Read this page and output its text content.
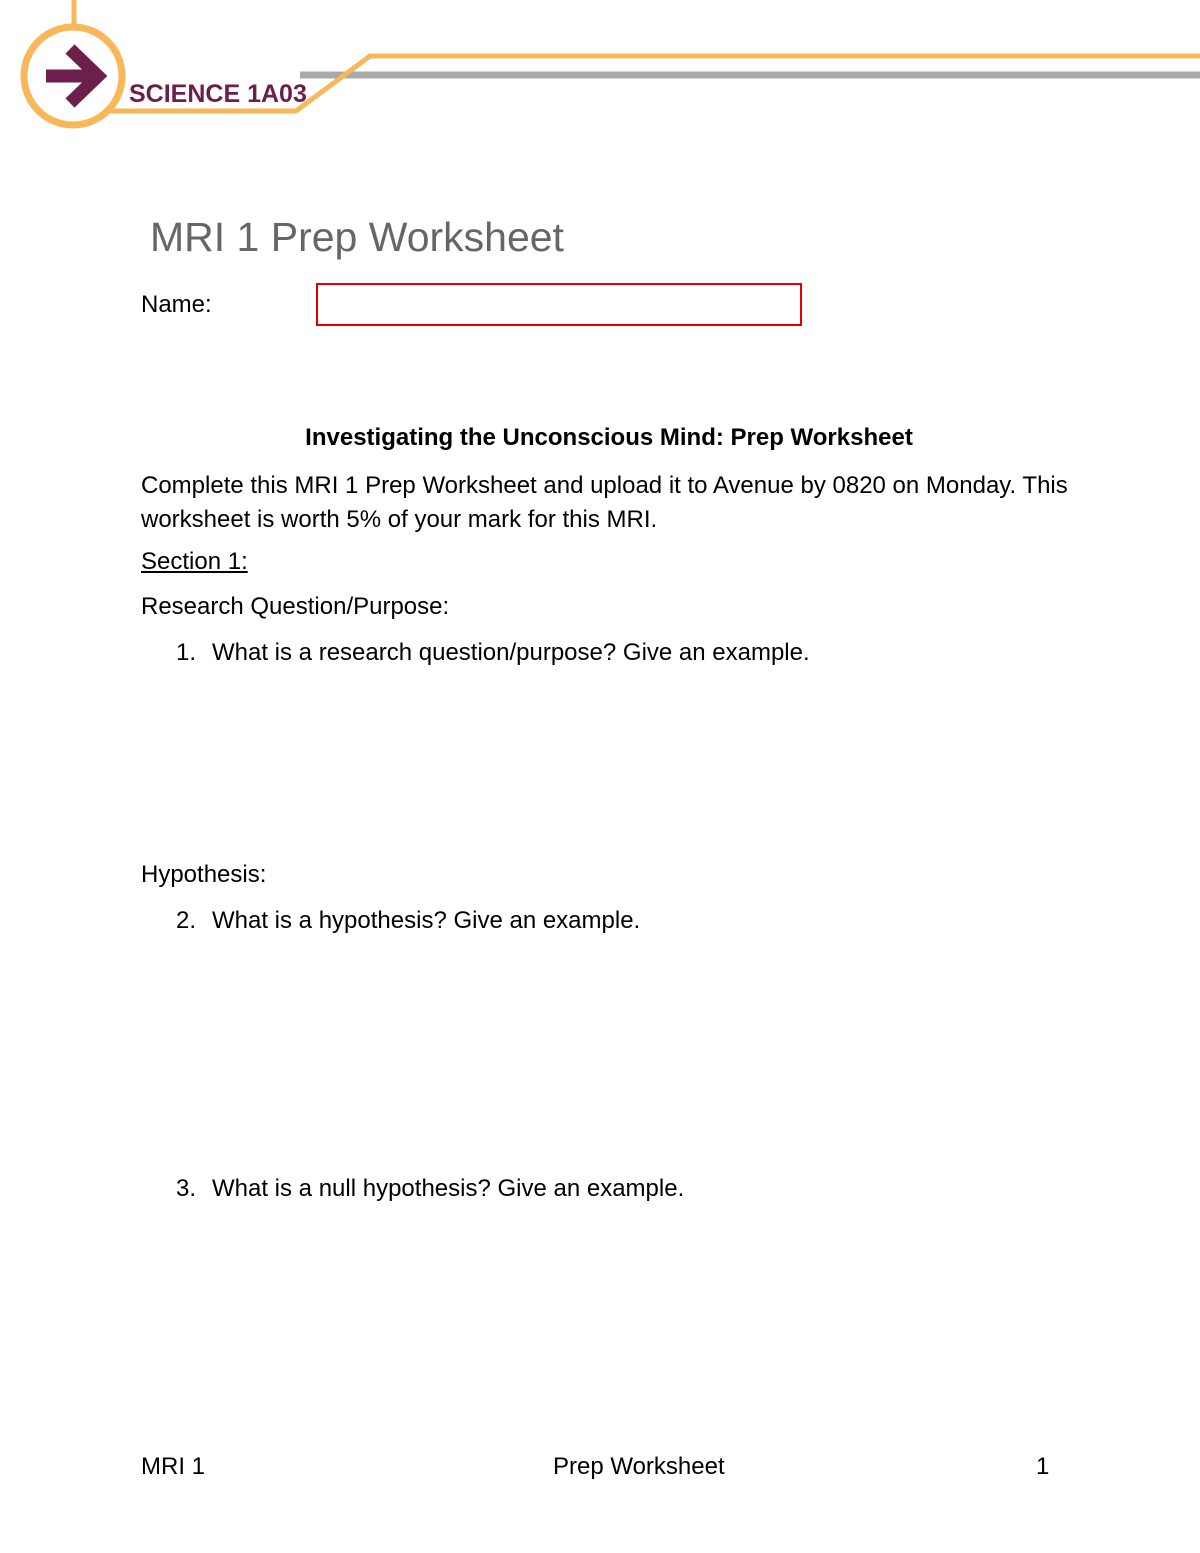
SCIENCE 1A03
MRI 1 Prep Worksheet
Name:
Investigating the Unconscious Mind: Prep Worksheet
Complete this MRI 1 Prep Worksheet and upload it to Avenue by 0820 on Monday. This worksheet is worth 5% of your mark for this MRI.
Section 1:
Research Question/Purpose:
1. What is a research question/purpose? Give an example.
Hypothesis:
2. What is a hypothesis? Give an example.
3. What is a null hypothesis? Give an example.
MRI 1	Prep Worksheet	1
